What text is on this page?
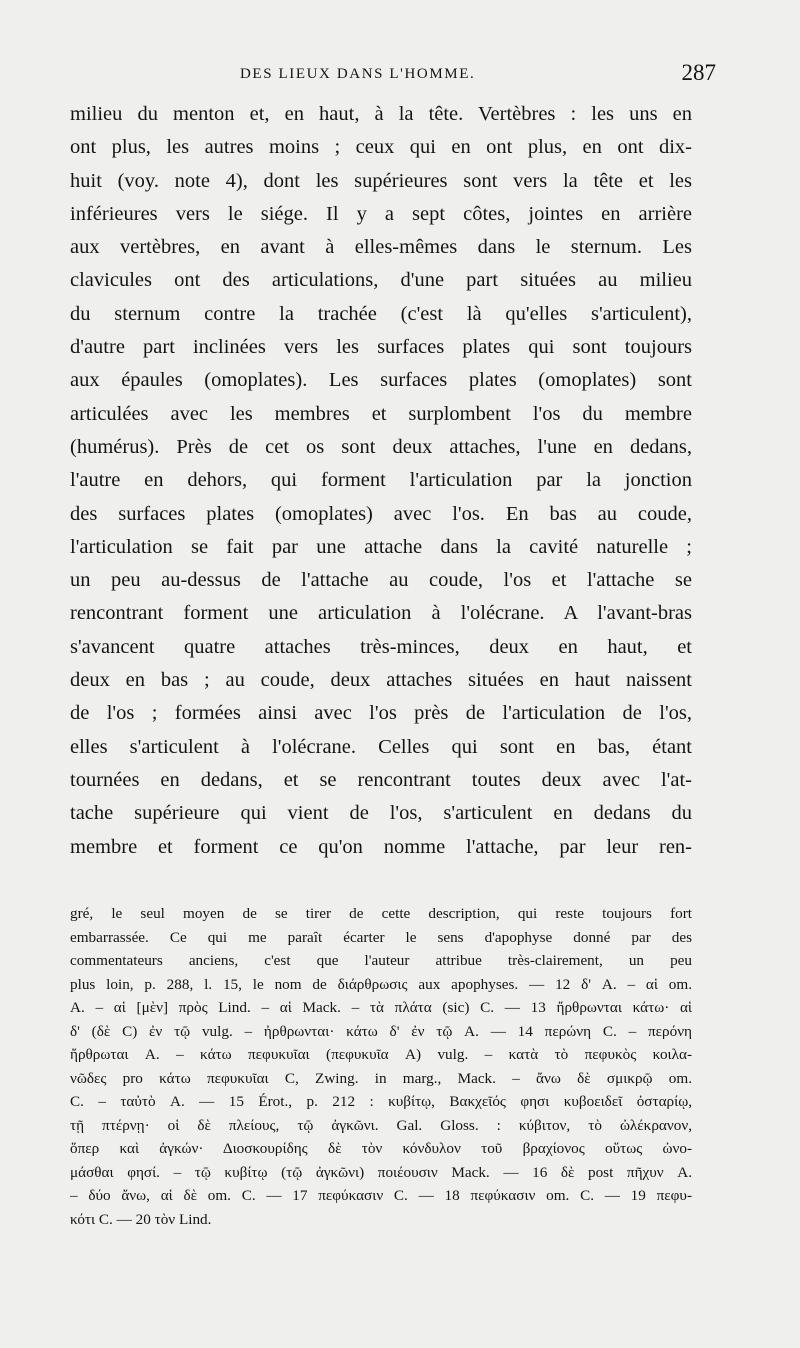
DES LIEUX DANS L'HOMME.	287
milieu du menton et, en haut, à la tête. Vertèbres : les uns en
ont plus, les autres moins ; ceux qui en ont plus, en ont dix-
huit (voy. note 4), dont les supérieures sont vers la tête et les
inférieures vers le siége. Il y a sept côtes, jointes en arrière
aux vertèbres, en avant à elles-mêmes dans le sternum. Les
clavicules ont des articulations, d'une part situées au milieu
du sternum contre la trachée (c'est là qu'elles s'articulent),
d'autre part inclinées vers les surfaces plates qui sont toujours
aux épaules (omoplates). Les surfaces plates (omoplates) sont
articulées avec les membres et surplombent l'os du membre
(humérus). Près de cet os sont deux attaches, l'une en dedans,
l'autre en dehors, qui forment l'articulation par la jonction
des surfaces plates (omoplates) avec l'os. En bas au coude,
l'articulation se fait par une attache dans la cavité naturelle ;
un peu au-dessus de l'attache au coude, l'os et l'attache se
rencontrant forment une articulation à l'olécrane. A l'avant-bras
s'avancent quatre attaches très-minces, deux en haut, et
deux en bas ; au coude, deux attaches situées en haut naissent
de l'os ; formées ainsi avec l'os près de l'articulation de l'os,
elles s'articulent à l'olécrane. Celles qui sont en bas, étant
tournées en dedans, et se rencontrant toutes deux avec l'at-
tache supérieure qui vient de l'os, s'articulent en dedans du
membre et forment ce qu'on nomme l'attache, par leur ren-
gré, le seul moyen de se tirer de cette description, qui reste toujours fort
embarrassée. Ce qui me paraît écarter le sens d'apophyse donné par des
commentateurs anciens, c'est que l'auteur attribue très-clairement, un peu
plus loin, p. 288, l. 15, le nom de διάρθρωσις aux apophyses. — 12 δ' A. – αἱ om.
A. – αἱ [μὲν] πρὸς Lind. – αἱ Mack. – τὰ πλάτα (sic) C. — 13 ἤρθρωνται κάτω· αἱ
δ' (δὲ C) ἐν τῷ vulg. – ἠρθρωνται· κάτω δ' ἐν τῷ A. — 14 περώνη C. – περόνη
ἤρθρωται A. – κάτω πεφυκυῖαι (πεφυκυῖα A) vulg. – κατὰ τὸ πεφυκὸς κοιλα-
νῶδες pro κάτω πεφυκυῖαι C, Zwing. in marg., Mack. – ἄνω δὲ σμικρῷ om.
C. – ταὐτὸ A. — 15 Érot., p. 212 : κυβίτῳ, Βακχεῖός φησι κυβοειδεῖ ὀσταρίῳ,
τῇ πτέρνῃ· οἱ δὲ πλείους, τῷ ἀγκῶνι. Gal. Gloss. : κύβιτον, τὸ ὠλέκρανον,
ὅπερ καὶ ἀγκών· Διοσκουρίδης δὲ τὸν κόνδυλον τοῦ βραχίονος οὕτως ὠνο-
μάσθαι φησί. – τῷ κυβίτῳ (τῷ ἀγκῶνι) ποιέουσιν Mack. — 16 δὲ post πῆχυν A.
– δύο ἄνω, αἱ δὲ om. C. — 17 πεφύκασιν C. — 18 πεφύκασιν om. C. — 19 πεφυ-
κότι C. — 20 τὸν Lind.
